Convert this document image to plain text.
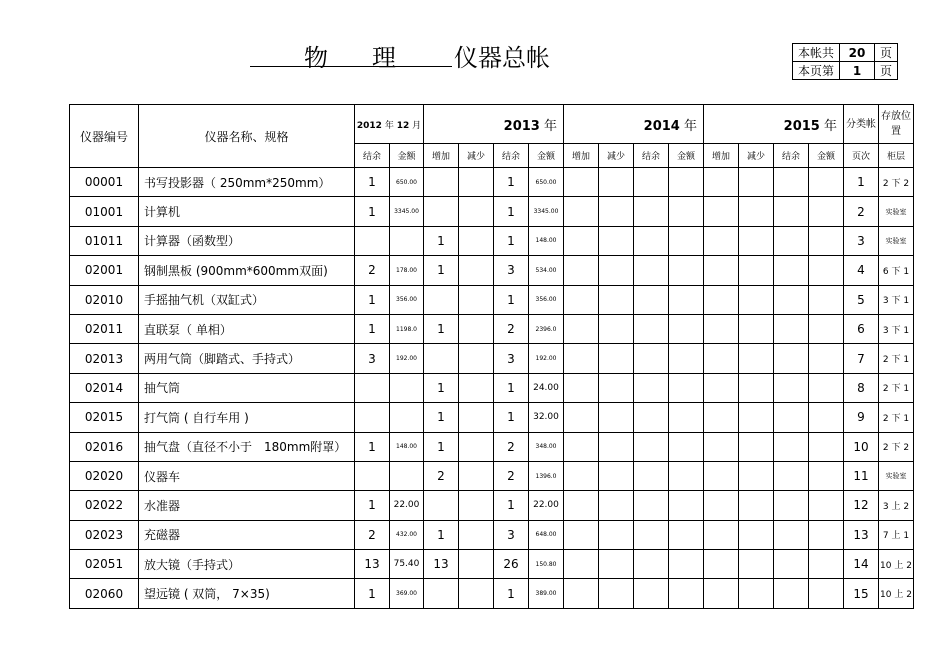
物 理 仪器总帐	本帐共	20	页
本页第	1	页
仪器编号	仪器名称、规格	2012 年 12 月		2013 年				2014 年				2015 年				分类帐	存放位置
		结余	金额	增加	减少	结余	金额	增加	减少	结余	金额	增加	减少	结余	金额	页次	柜层
00001	书写投影器（ 250mm*250mm）	1	650.00			1	650.00									1	2 下 2
01001	计算机	1	3345.00			1	3345.00									2	实验室
01011	计算器（函数型）			1		1	148.00									3	实验室
02001	钢制黑板 (900mm*600mm双面)	2	178.00	1		3	534.00									4	6 下 1
02010	手摇抽气机（双缸式）	1	356.00			1	356.00									5	3 下 1
02011	直联泵（ 单相）	1	1198.0	1		2	2396.0									6	3 下 1
02013	两用气筒（脚踏式、手持式）	3	192.00			3	192.00									7	2 下 1
02014	抽气筒			1		1	24.00									8	2 下 1
02015	打气筒 ( 自行车用 )			1		1	32.00									9	2 下 1
02016	抽气盘（直径不小于　180mm附罩）	1	148.00	1		2	348.00									10	2 下 2
02020	仪器车			2		2	1396.0									11	实验室
02022	水准器	1	22.00			1	22.00									12	3 上 2
02023	充磁器	2	432.00	1		3	648.00									13	7 上 1
02051	放大镜（手持式）	13	75.40	13		26	150.80									14	10 上 2
02060	望远镜 ( 双筒， 7×35)	1	369.00			1	389.00									15	10 上 2
